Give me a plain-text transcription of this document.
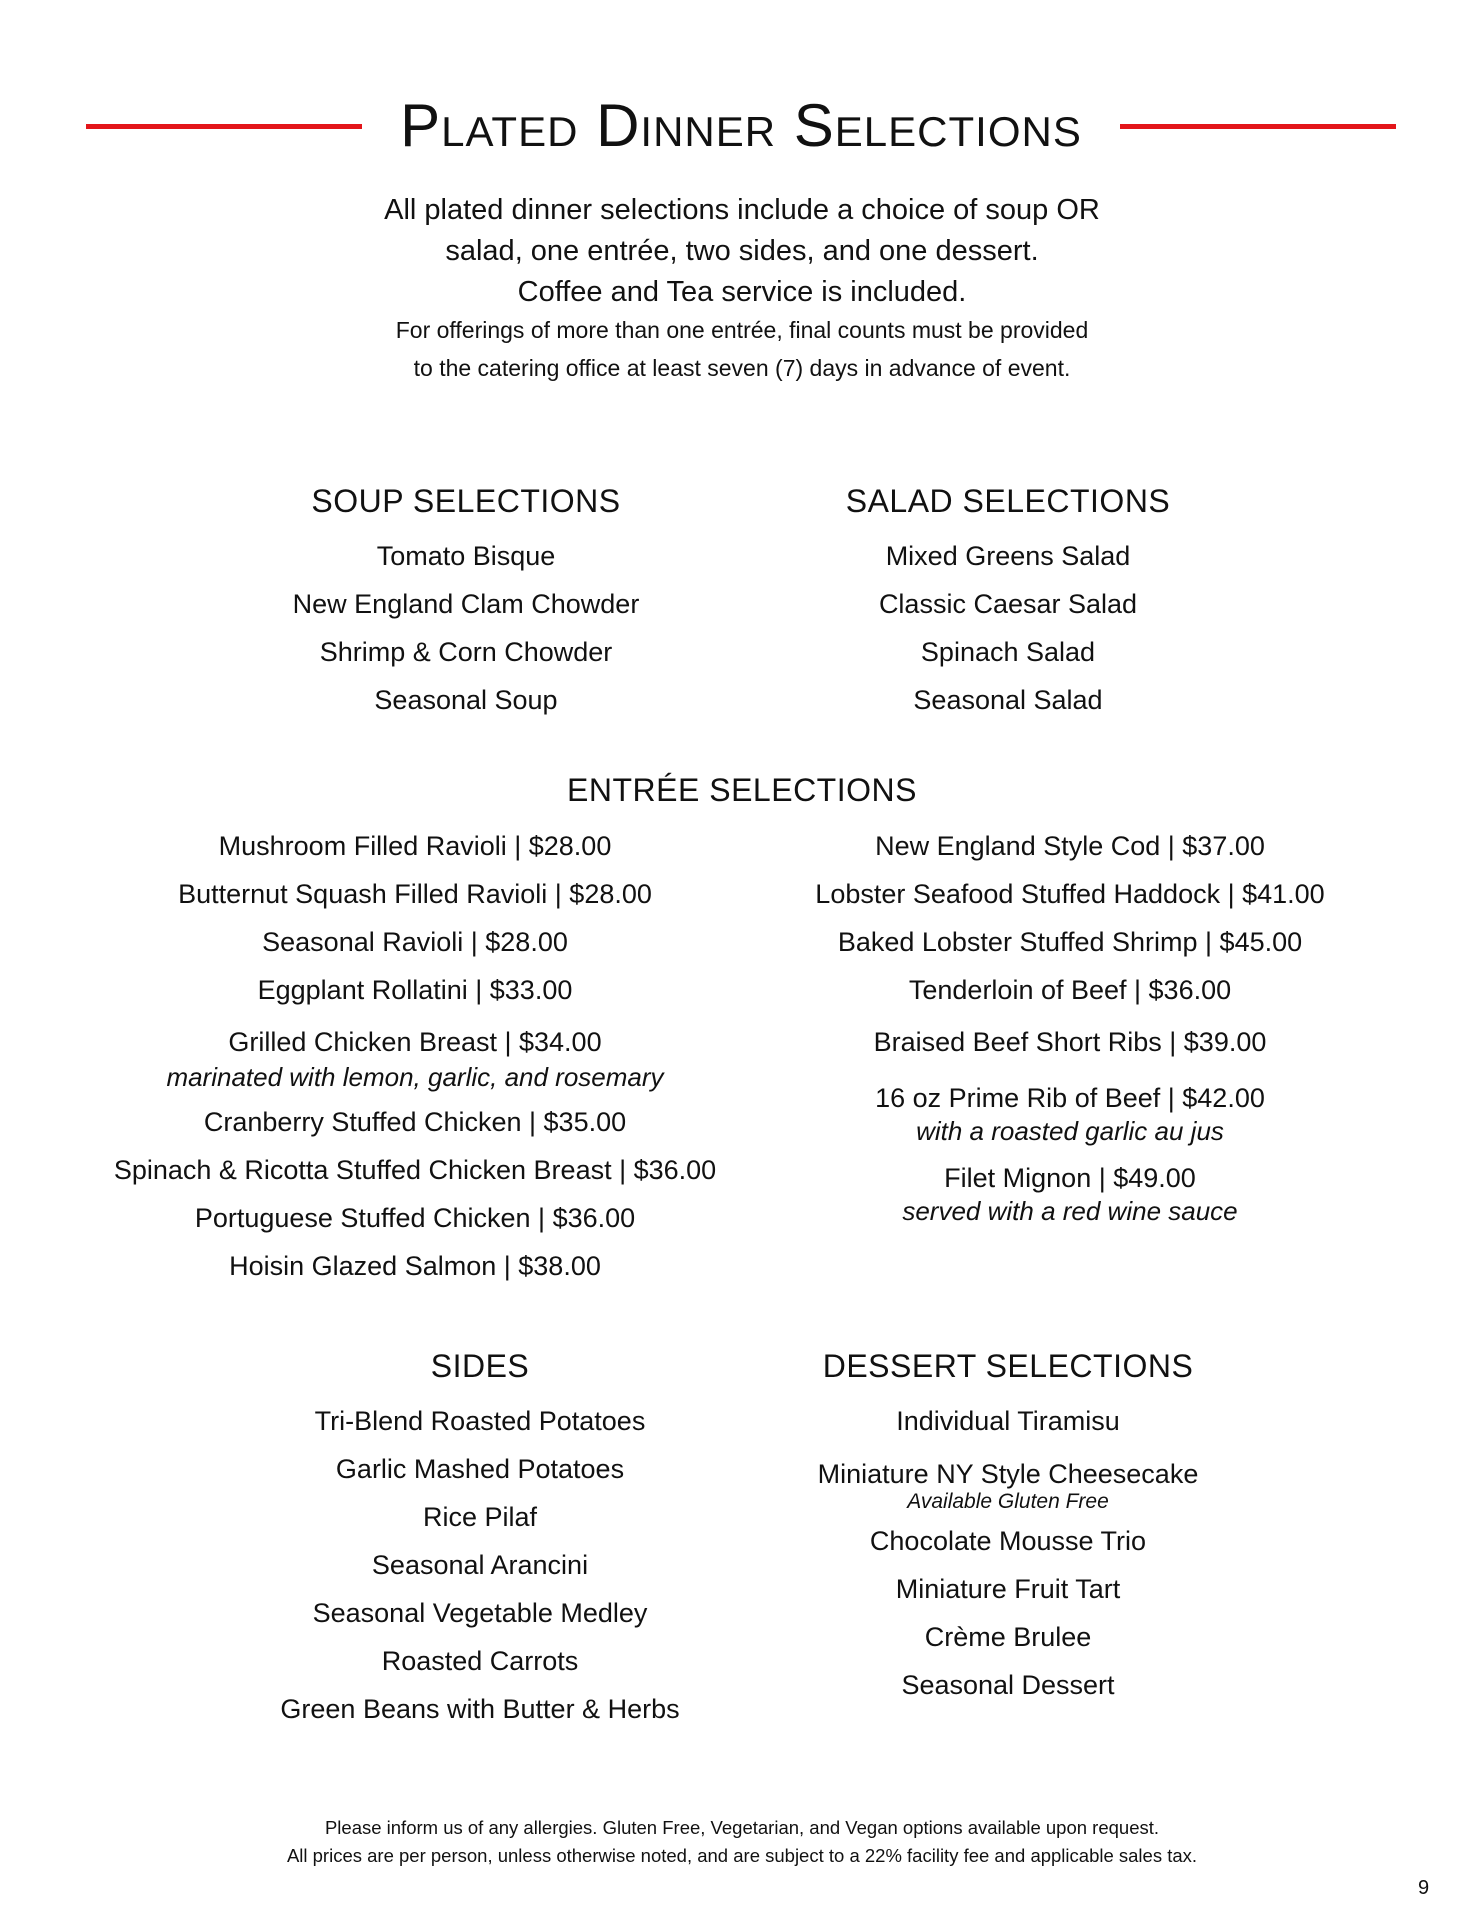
Plated Dinner Selections
All plated dinner selections include a choice of soup OR
salad, one entrée, two sides, and one dessert.
Coffee and Tea service is included.
For offerings of more than one entrée, final counts must be provided
to the catering office at least seven (7) days in advance of event.
SOUP SELECTIONS
Tomato Bisque
New England Clam Chowder
Shrimp & Corn Chowder
Seasonal Soup
SALAD SELECTIONS
Mixed Greens Salad
Classic Caesar Salad
Spinach Salad
Seasonal Salad
ENTRÉE SELECTIONS
Mushroom Filled Ravioli | $28.00
Butternut Squash Filled Ravioli | $28.00
Seasonal Ravioli | $28.00
Eggplant Rollatini | $33.00
Grilled Chicken Breast | $34.00
marinated with lemon, garlic, and rosemary
Cranberry Stuffed Chicken | $35.00
Spinach & Ricotta Stuffed Chicken Breast | $36.00
Portuguese Stuffed Chicken | $36.00
Hoisin Glazed Salmon | $38.00
New England Style Cod | $37.00
Lobster Seafood Stuffed Haddock | $41.00
Baked Lobster Stuffed Shrimp | $45.00
Tenderloin of Beef | $36.00
Braised Beef Short Ribs | $39.00
16 oz Prime Rib of Beef | $42.00
with a roasted garlic au jus
Filet Mignon | $49.00
served with a red wine sauce
SIDES
Tri-Blend Roasted Potatoes
Garlic Mashed Potatoes
Rice Pilaf
Seasonal Arancini
Seasonal Vegetable Medley
Roasted Carrots
Green Beans with Butter & Herbs
DESSERT SELECTIONS
Individual Tiramisu
Miniature NY Style Cheesecake
Available Gluten Free
Chocolate Mousse Trio
Miniature Fruit Tart
Crème Brulee
Seasonal Dessert
Please inform us of any allergies. Gluten Free, Vegetarian, and Vegan options available upon request.
All prices are per person, unless otherwise noted, and are subject to a 22% facility fee and applicable sales tax.
9
